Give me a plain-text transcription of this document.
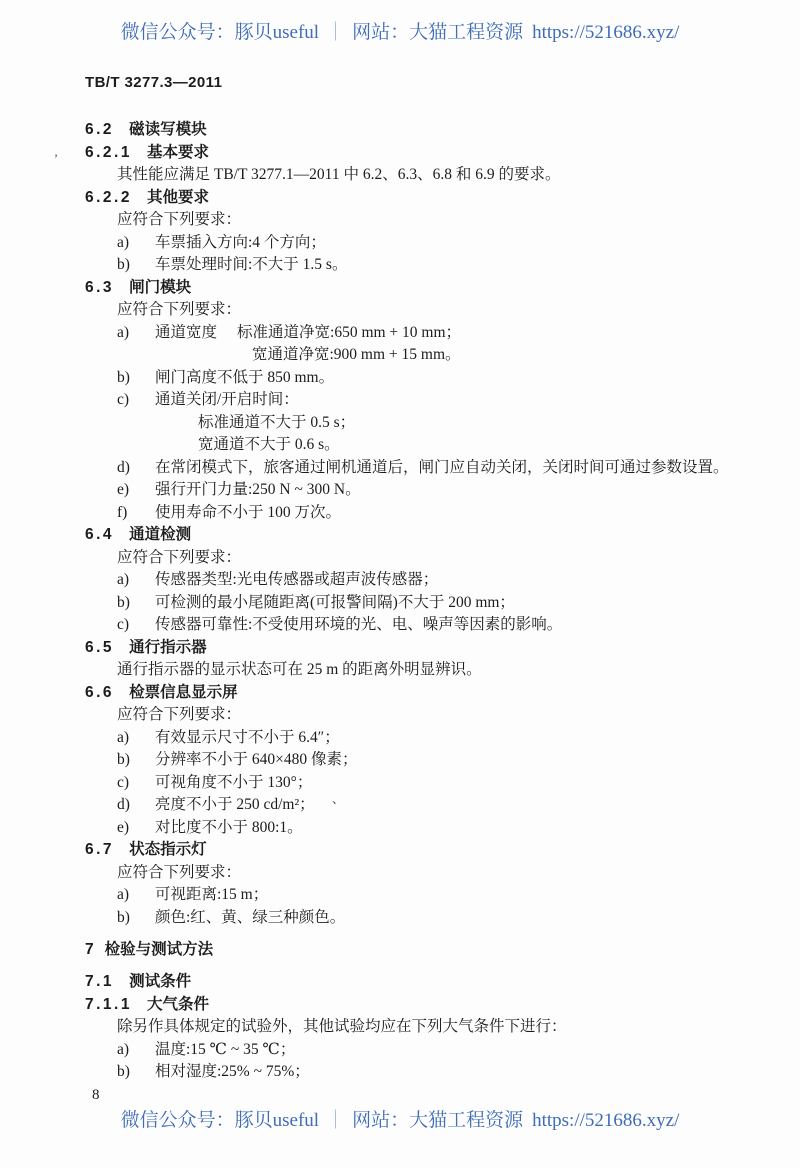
微信公众号：豚贝useful ｜ 网站：大猫工程资源 https://521686.xyz/
TB/T 3277.3—2011
’
、
6.2 磁读写模块
6.2.1 基本要求
其性能应满足 TB/T 3277.1—2011 中 6.2、6.3、6.8 和 6.9 的要求。
6.2.2 其他要求
应符合下列要求：
a)	车票插入方向:4 个方向；
b)	车票处理时间:不大于 1.5 s。
6.3 闸门模块
应符合下列要求：
a)	通道宽度 标准通道净宽:650 mm + 10 mm；
宽通道净宽:900 mm + 15 mm。
b)	闸门高度不低于 850 mm。
c)	通道关闭/开启时间：
标准通道不大于 0.5 s；
宽通道不大于 0.6 s。
d)	在常闭模式下，旅客通过闸机通道后，闸门应自动关闭，关闭时间可通过参数设置。
e)	强行开门力量:250 N ~ 300 N。
f)	使用寿命不小于 100 万次。
6.4 通道检测
应符合下列要求：
a)	传感器类型:光电传感器或超声波传感器；
b)	可检测的最小尾随距离(可报警间隔)不大于 200 mm；
c)	传感器可靠性:不受使用环境的光、电、噪声等因素的影响。
6.5 通行指示器
通行指示器的显示状态可在 25 m 的距离外明显辨识。
6.6 检票信息显示屏
应符合下列要求：
a)	有效显示尺寸不小于 6.4″；
b)	分辨率不小于 640×480 像素；
c)	可视角度不小于 130°；
d)	亮度不小于 250 cd/m²；
e)	对比度不小于 800:1。
6.7 状态指示灯
应符合下列要求：
a)	可视距离:15 m；
b)	颜色:红、黄、绿三种颜色。
7 检验与测试方法
7.1 测试条件
7.1.1 大气条件
除另作具体规定的试验外，其他试验均应在下列大气条件下进行：
a)	温度:15 ℃ ~ 35 ℃；
b)	相对湿度:25% ~ 75%；
8
微信公众号：豚贝useful ｜ 网站：大猫工程资源 https://521686.xyz/
